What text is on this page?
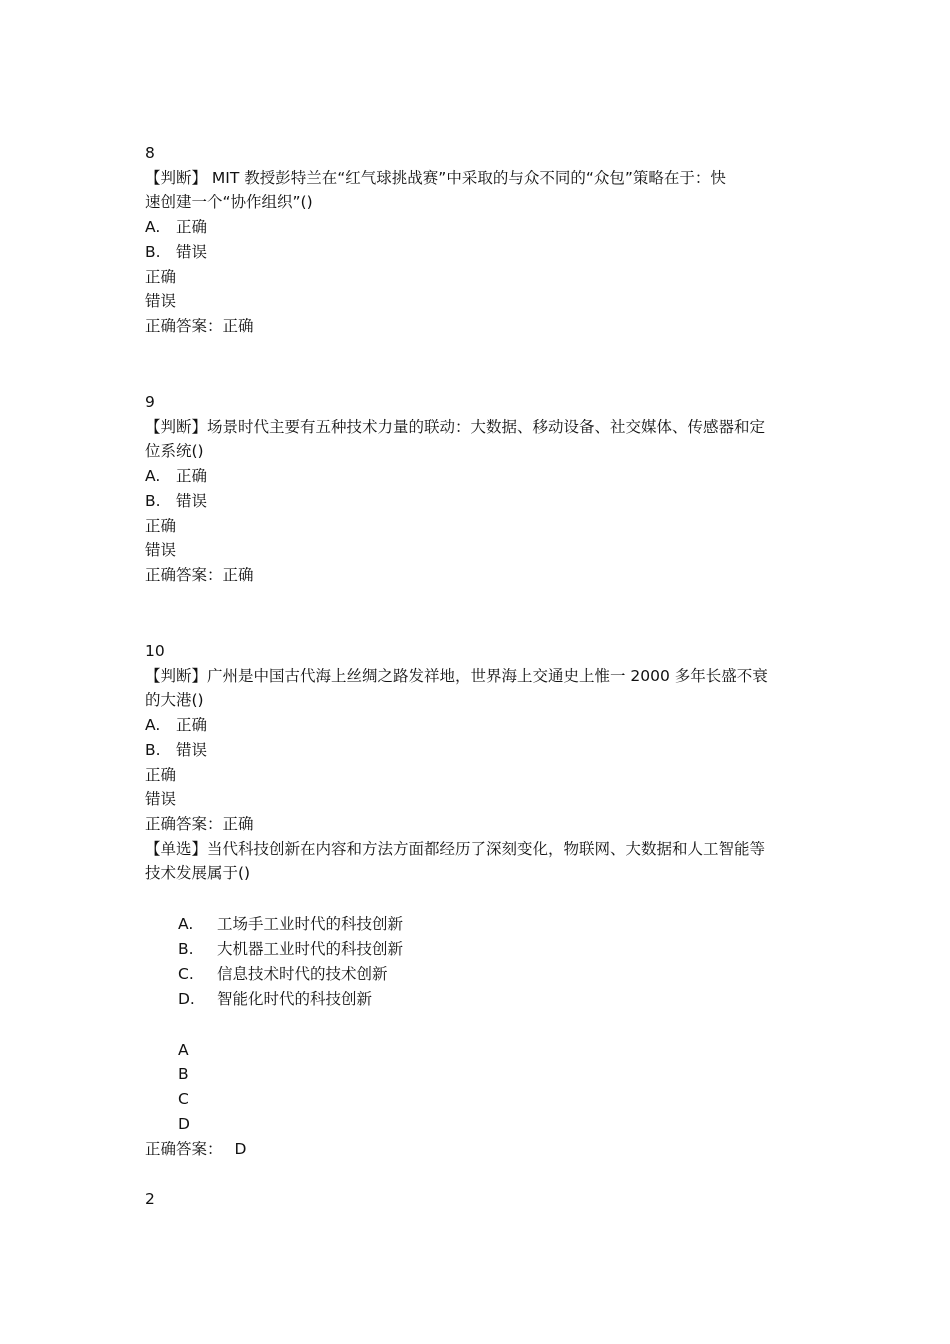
8
【判断】 MIT 教授彭特兰在“红气球挑战赛”中采取的与众不同的“众包”策略在于：快
速创建一个“协作组织”()
A. 正确
B. 错误
正确
错误
正确答案：正确
9
【判断】场景时代主要有五种技术力量的联动：大数据、移动设备、社交媒体、传感器和定
位系统()
A. 正确
B. 错误
正确
错误
正确答案：正确
10
【判断】广州是中国古代海上丝绸之路发祥地，世界海上交通史上惟一 2000 多年长盛不衰
的大港()
A. 正确
B. 错误
正确
错误
正确答案：正确
【单选】当代科技创新在内容和方法方面都经历了深刻变化，物联网、大数据和人工智能等
技术发展属于()
A. 工场手工业时代的科技创新
B. 大机器工业时代的科技创新
C. 信息技术时代的技术创新
D. 智能化时代的科技创新
A
B
C
D
正确答案： D
2
